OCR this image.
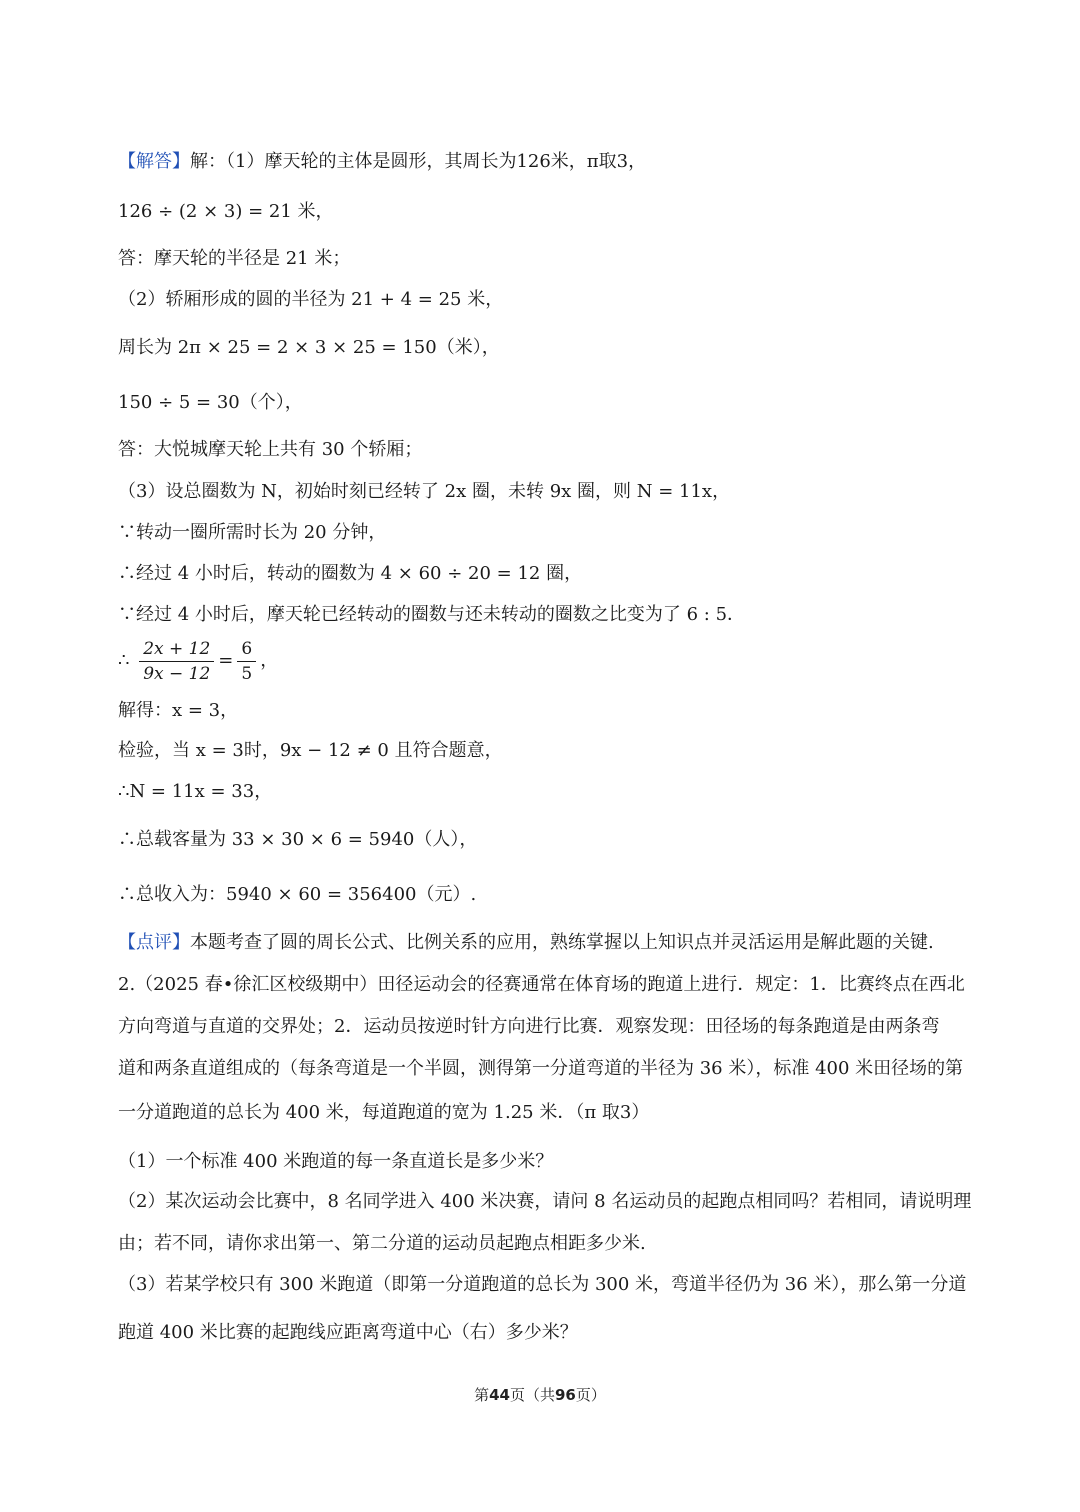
【解答】解：（1）摩天轮的主体是圆形，其周长为126米，π取3，
126 ÷ (2 × 3) = 21 米，
答：摩天轮的半径是 21 米；
（2）轿厢形成的圆的半径为 21 + 4 = 25 米，
周长为 2π × 25 = 2 × 3 × 25 = 150（米），
150 ÷ 5 = 30（个），
答：大悦城摩天轮上共有 30 个轿厢；
（3）设总圈数为 N，初始时刻已经转了 2x 圈，未转 9x 圈，则 N = 11x，
∵转动一圈所需时长为 20 分钟，
∴经过 4 小时后，转动的圈数为 4 × 60 ÷ 20 = 12 圈，
∵经过 4 小时后，摩天轮已经转动的圈数与还未转动的圈数之比变为了 6 : 5．
∴ $\frac{2x + 12}{9x - 12} = \frac{6}{5}$ ，
解得：x = 3，
检验，当 x = 3时，9x − 12 ≠ 0 且符合题意，
∴N = 11x = 33，
∴总载客量为 33 × 30 × 6 = 5940（人），
∴总收入为：5940 × 60 = 356400（元）.
【点评】本题考查了圆的周长公式、比例关系的应用，熟练掌握以上知识点并灵活运用是解此题的关键.
2.（2025 春•徐汇区校级期中）田径运动会的径赛通常在体育场的跑道上进行．规定：1．比赛终点在西北
方向弯道与直道的交界处；2．运动员按逆时针方向进行比赛．观察发现：田径场的每条跑道是由两条弯
道和两条直道组成的（每条弯道是一个半圆，测得第一分道弯道的半径为 36 米），标准 400 米田径场的第
一分道跑道的总长为 400 米，每道跑道的宽为 1.25 米．（π 取3）
（1）一个标准 400 米跑道的每一条直道长是多少米？
（2）某次运动会比赛中，8 名同学进入 400 米决赛，请问 8 名运动员的起跑点相同吗？若相同，请说明理
由；若不同，请你求出第一、第二分道的运动员起跑点相距多少米.
（3）若某学校只有 300 米跑道（即第一分道跑道的总长为 300 米，弯道半径仍为 36 米），那么第一分道
跑道 400 米比赛的起跑线应距离弯道中心（右）多少米？
第44页（共96页）
